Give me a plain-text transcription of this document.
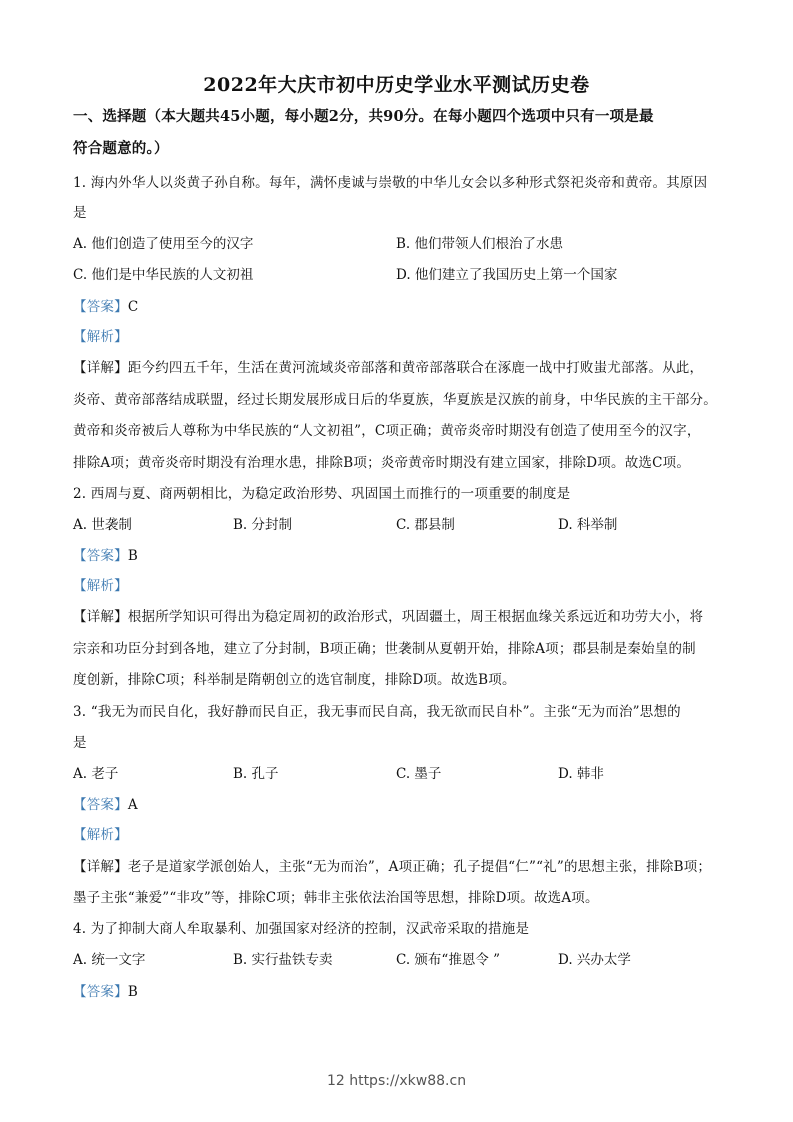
2022年大庆市初中历史学业水平测试历史卷
一、选择题（本大题共45小题，每小题2分，共90分。在每小题四个选项中只有一项是最
符合题意的。）
1. 海内外华人以炎黄子孙自称。每年，满怀虔诚与崇敬的中华儿女会以多种形式祭祀炎帝和黄帝。其原因
是
A. 他们创造了使用至今的汉字	B. 他们带领人们根治了水患
C. 他们是中华民族的人文初祖	D. 他们建立了我国历史上第一个国家
【答案】C
【解析】
【详解】距今约四五千年，生活在黄河流域炎帝部落和黄帝部落联合在涿鹿一战中打败蚩尤部落。从此，
炎帝、黄帝部落结成联盟，经过长期发展形成日后的华夏族，华夏族是汉族的前身，中华民族的主干部分。
黄帝和炎帝被后人尊称为中华民族的“人文初祖”，C项正确；黄帝炎帝时期没有创造了使用至今的汉字，
排除A项；黄帝炎帝时期没有治理水患，排除B项；炎帝黄帝时期没有建立国家，排除D项。故选C项。
2. 西周与夏、商两朝相比，为稳定政治形势、巩固国土而推行的一项重要的制度是
A. 世袭制	B. 分封制	C. 郡县制	D. 科举制
【答案】B
【解析】
【详解】根据所学知识可得出为稳定周初的政治形式，巩固疆土，周王根据血缘关系远近和功劳大小，将
宗亲和功臣分封到各地，建立了分封制，B项正确；世袭制从夏朝开始，排除A项；郡县制是秦始皇的制
度创新，排除C项；科举制是隋朝创立的选官制度，排除D项。故选B项。
3. “我无为而民自化，我好静而民自正，我无事而民自高，我无欲而民自朴”。主张“无为而治”思想的
是
A. 老子	B. 孔子	C. 墨子	D. 韩非
【答案】A
【解析】
【详解】老子是道家学派创始人，主张“无为而治”，A项正确；孔子提倡“仁”“礼”的思想主张，排除B项；
墨子主张“兼爱”“非攻”等，排除C项；韩非主张依法治国等思想，排除D项。故选A项。
4. 为了抑制大商人牟取暴利、加强国家对经济的控制，汉武帝采取的措施是
A. 统一文字	B. 实行盐铁专卖	C. 颁布“推恩令 ”	D. 兴办太学
【答案】B
12 https://xkw88.cn
